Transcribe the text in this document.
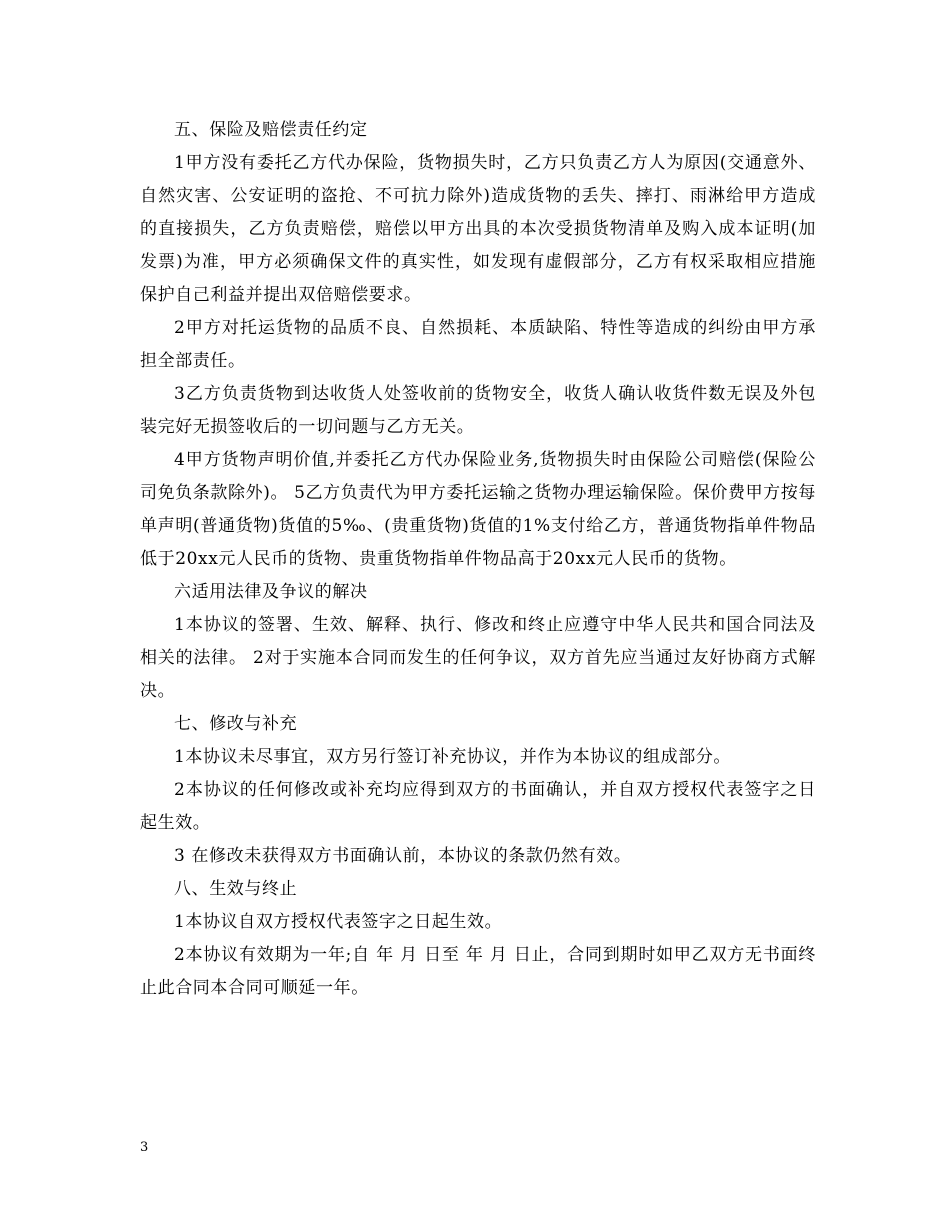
五、保险及赔偿责任约定

1甲方没有委托乙方代办保险，货物损失时，乙方只负责乙方人为原因(交通意外、自然灾害、公安证明的盗抢、不可抗力除外)造成货物的丢失、摔打、雨淋给甲方造成的直接损失，乙方负责赔偿，赔偿以甲方出具的本次受损货物清单及购入成本证明(加发票)为准，甲方必须确保文件的真实性，如发现有虚假部分，乙方有权采取相应措施保护自己利益并提出双倍赔偿要求。

2甲方对托运货物的品质不良、自然损耗、本质缺陷、特性等造成的纠纷由甲方承担全部责任。

3乙方负责货物到达收货人处签收前的货物安全，收货人确认收货件数无误及外包装完好无损签收后的一切问题与乙方无关。

4甲方货物声明价值,并委托乙方代办保险业务,货物损失时由保险公司赔偿(保险公司免负条款除外)。 5乙方负责代为甲方委托运输之货物办理运输保险。保价费甲方按每单声明(普通货物)货值的5‰、(贵重货物)货值的1%支付给乙方，普通货物指单件物品低于20xx元人民币的货物、贵重货物指单件物品高于20xx元人民币的货物。

六适用法律及争议的解决

1本协议的签署、生效、解释、执行、修改和终止应遵守中华人民共和国合同法及相关的法律。 2对于实施本合同而发生的任何争议，双方首先应当通过友好协商方式解决。

七、修改与补充

1本协议未尽事宜，双方另行签订补充协议，并作为本协议的组成部分。

2本协议的任何修改或补充均应得到双方的书面确认，并自双方授权代表签字之日起生效。

3 在修改未获得双方书面确认前，本协议的条款仍然有效。

八、生效与终止

1本协议自双方授权代表签字之日起生效。

2本协议有效期为一年;自 年 月 日至 年 月 日止，合同到期时如甲乙双方无书面终止此合同本合同可顺延一年。

3
